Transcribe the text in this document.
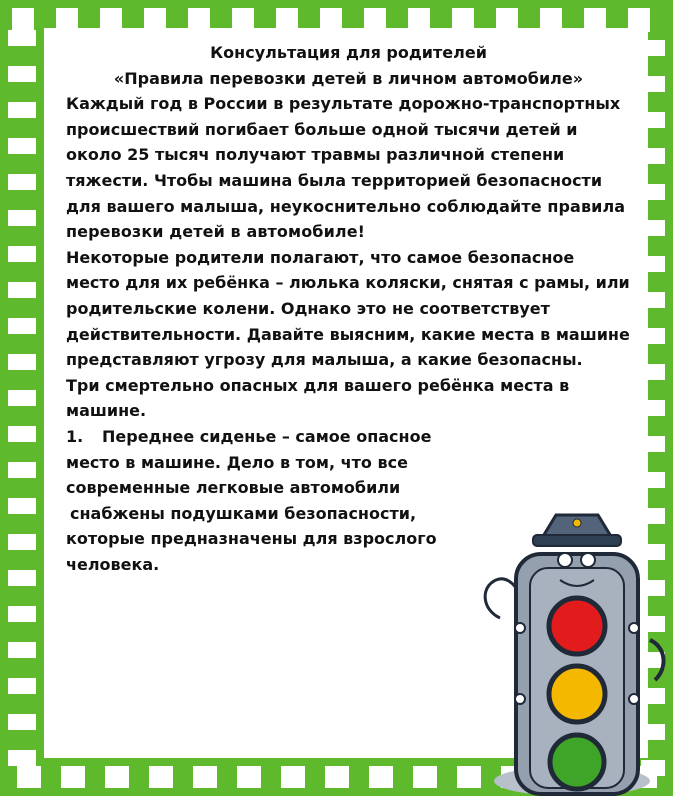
Консультация для родителей

«Правила перевозки детей в личном автомобиле»

Каждый год в России в результате дорожно-транспортных происшествий погибает больше одной тысячи детей и около 25 тысяч получают травмы различной степени тяжести. Чтобы машина была территорией безопасности для вашего малыша, неукоснительно соблюдайте правила перевозки детей в автомобиле!

Некоторые родители полагают, что самое безопасное место для их ребёнка – люлька коляски, снятая с рамы, или родительские колени. Однако это не соответствует действительности. Давайте выясним, какие места в машине представляют угрозу для малыша, а какие безопасны.

Три смертельно опасных для вашего ребёнка места в машине.

1. Переднее сиденье – самое опасное

место в машине. Дело в том, что все

современные легковые автомобили

снабжены подушками безопасности,

которые предназначены для взрослого

человека.
